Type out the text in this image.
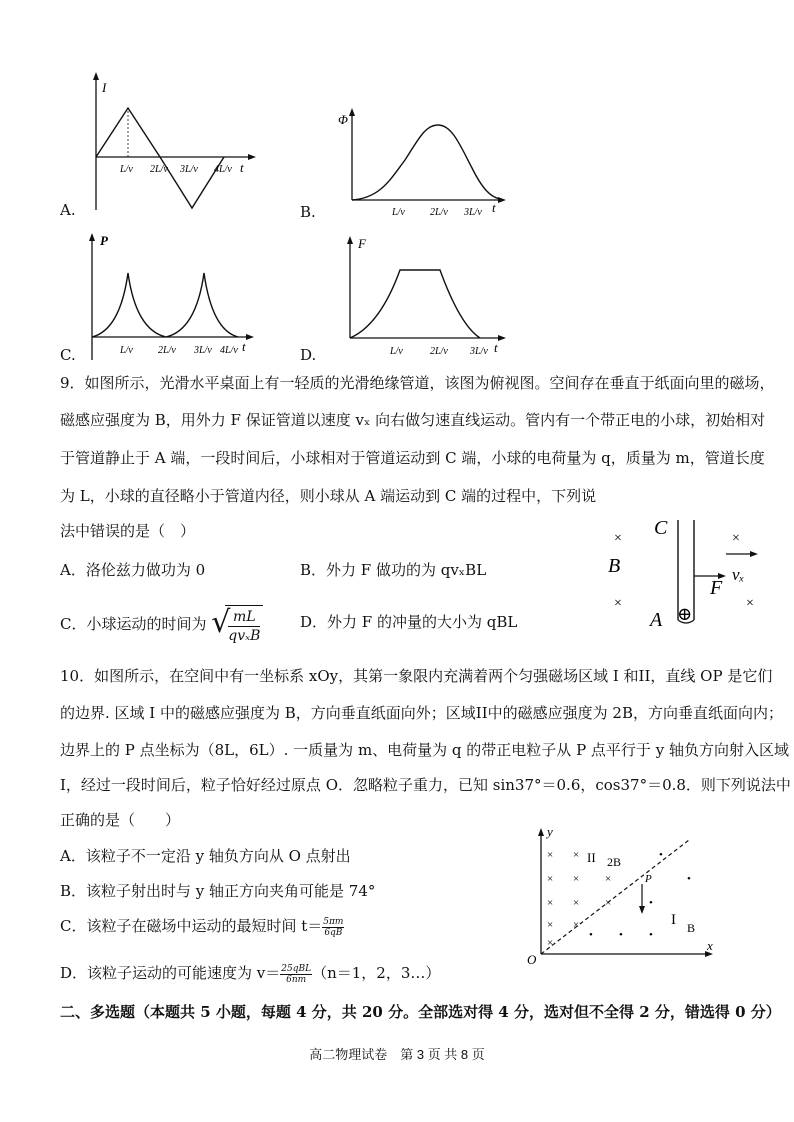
A.
I
t
L/v 2L/v 3L/v 4L/v
B.
Φ
t
L/v	2L/v 3L/v
C.
P
t
L/v	2L/v 3L/v 4L/v	D.
F
t
L/v	2L/v 3L/v
9．如图所示，光滑水平桌面上有一轻质的光滑绝缘管道，该图为俯视图。空间存在垂直于纸面向里的磁场，
磁感应强度为 B，用外力 F 保证管道以速度 vₓ 向右做匀速直线运动。管内有一个带正电的小球，初始相对
于管道静止于 A 端，一段时间后，小球相对于管道运动到 C 端，小球的电荷量为 q，质量为 m，管道长度
为 L，小球的直径略小于管道内径，则小球从 A 端运动到 C 端的过程中，下列说
法中错误的是（　）
A．洛伦兹力做功为 0	B．外力 F 做功的为 qvₓBL
C．小球运动的时间为 √ mL
qvₓB
D．外力 F 的冲量的大小为 qBL
C
B
A
×
×
×
×
⊕
F
vₓ
10．如图所示，在空间中有一坐标系 xOy，其第一象限内充满着两个匀强磁场区域 I 和II，直线 OP 是它们
的边界. 区域 I 中的磁感应强度为 B，方向垂直纸面向外；区域II中的磁感应强度为 2B，方向垂直纸面向内；
边界上的 P 点坐标为（8L，6L）. 一质量为 m、电荷量为 q 的带正电粒子从 P 点平行于 y 轴负方向射入区域
I，经过一段时间后，粒子恰好经过原点 O．忽略粒子重力，已知 sin37°＝0.6，cos37°＝0.8．则下列说法中
正确的是（　　）
A．该粒子不一定沿 y 轴负方向从 O 点射出
B．该粒子射出时与 y 轴正方向夹角可能是 74°
C．该粒子在磁场中运动的最短时间 $t= \frac{5\pi m}{6qB}$
D．该粒子运动的可能速度为 $v= \frac{\text{25qBL}}{6nm} (n=1$，2，3…）
y
x
O
P
II 2B
I B
× ×
× × ×
× × ×
× ×
×
•
•
•
• •
•
二、多选题（本题共 5 小题，每题 4 分，共 20 分。全部选对得 4 分，选对但不全得 2 分，错选得 0 分）
高二物理试卷　第 3 页 共 8 页
